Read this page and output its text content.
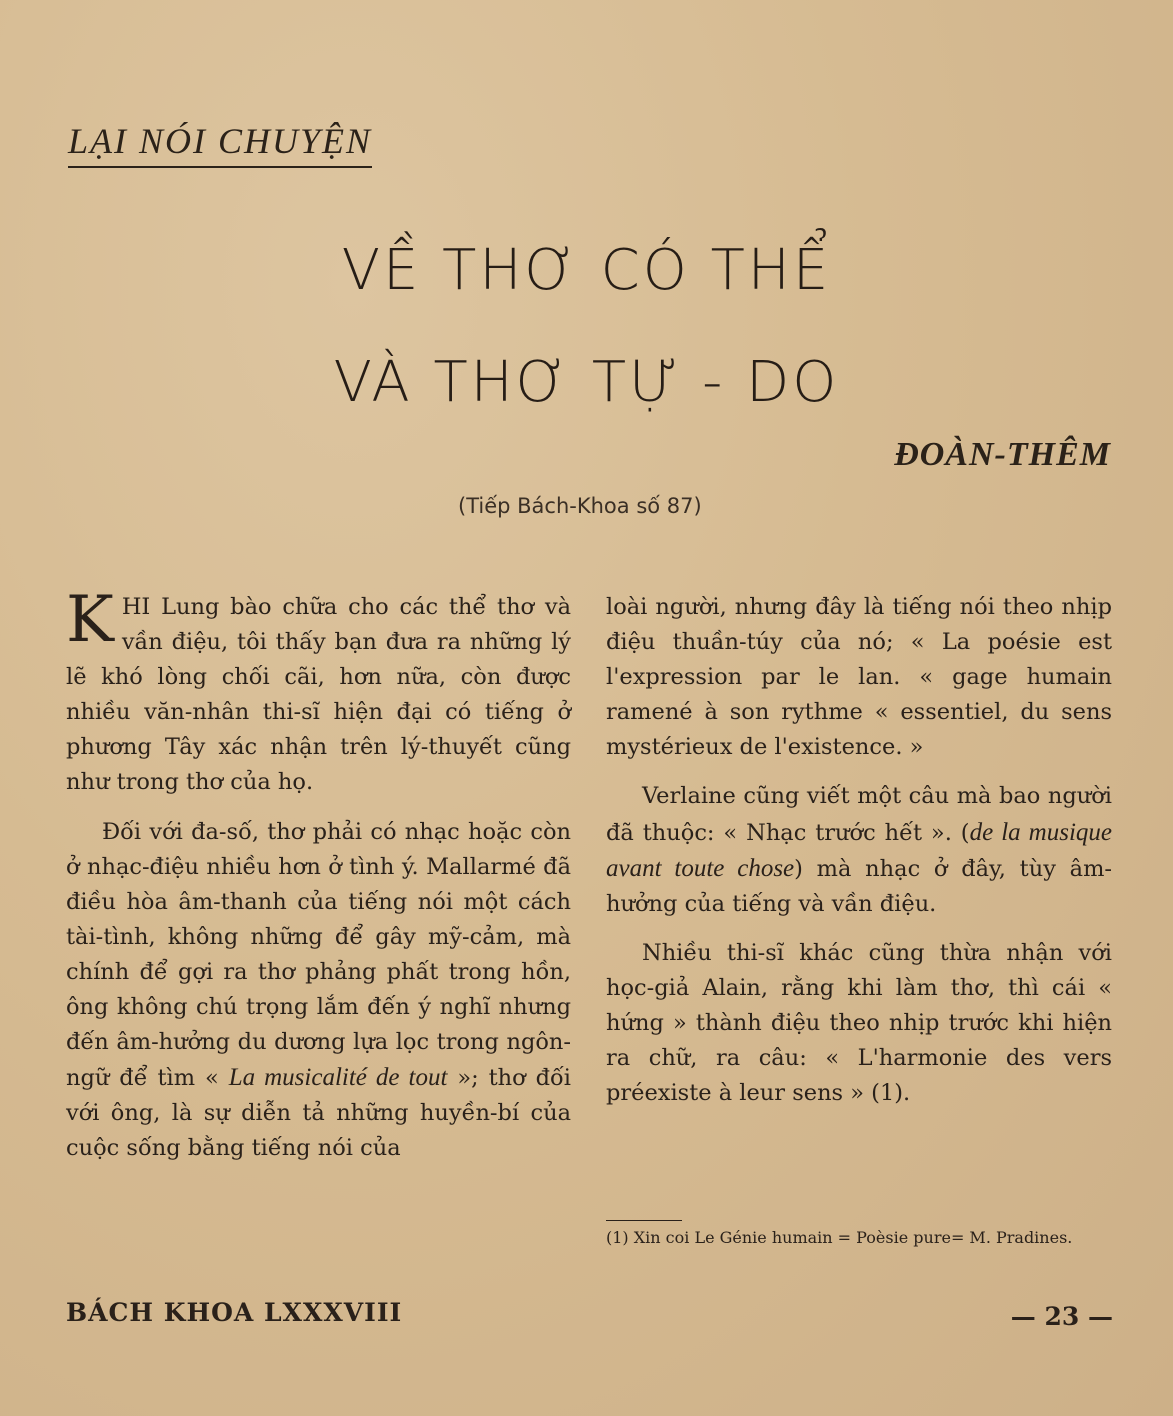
LẠI NÓI CHUYỆN
VỀ THƠ CÓ THỂ
VÀ THƠ TỰ - DO
ĐOÀN-THÊM
(Tiếp Bách-Khoa số 87)

KHI Lung bào chữa cho các thể thơ và vần điệu, tôi thấy bạn đưa ra những lý lẽ khó lòng chối cãi, hơn nữa, còn được nhiều văn-nhân thi-sĩ hiện đại có tiếng ở phương Tây xác nhận trên lý-thuyết cũng như trong thơ của họ.

Đối với đa-số, thơ phải có nhạc hoặc còn ở nhạc-điệu nhiều hơn ở tình ý. Mallarmé đã điều hòa âm-thanh của tiếng nói một cách tài-tình, không những để gây mỹ-cảm, mà chính để gợi ra thơ phảng phất trong hồn, ông không chú trọng lắm đến ý nghĩ nhưng đến âm-hưởng du dương lựa lọc trong ngôn-ngữ để tìm « La musicalité de tout »; thơ đối với ông, là sự diễn tả những huyền-bí của cuộc sống bằng tiếng nói của

loài người, nhưng đây là tiếng nói theo nhịp điệu thuần-túy của nó; « La poésie est l'expression par le lan. « gage humain ramené à son rythme « essentiel, du sens mystérieux de l'existence. »

Verlaine cũng viết một câu mà bao người đã thuộc: « Nhạc trước hết ». (de la musique avant toute chose) mà nhạc ở đây, tùy âm-hưởng của tiếng và vần điệu.

Nhiều thi-sĩ khác cũng thừa nhận với học-giả Alain, rằng khi làm thơ, thì cái « hứng » thành điệu theo nhịp trước khi hiện ra chữ, ra câu: « L'harmonie des vers préexiste à leur sens » (1).

(1) Xin coi Le Génie humain = Poèsie pure= M. Pradines.
BÁCH KHOA LXXXVIII	— 23 —
